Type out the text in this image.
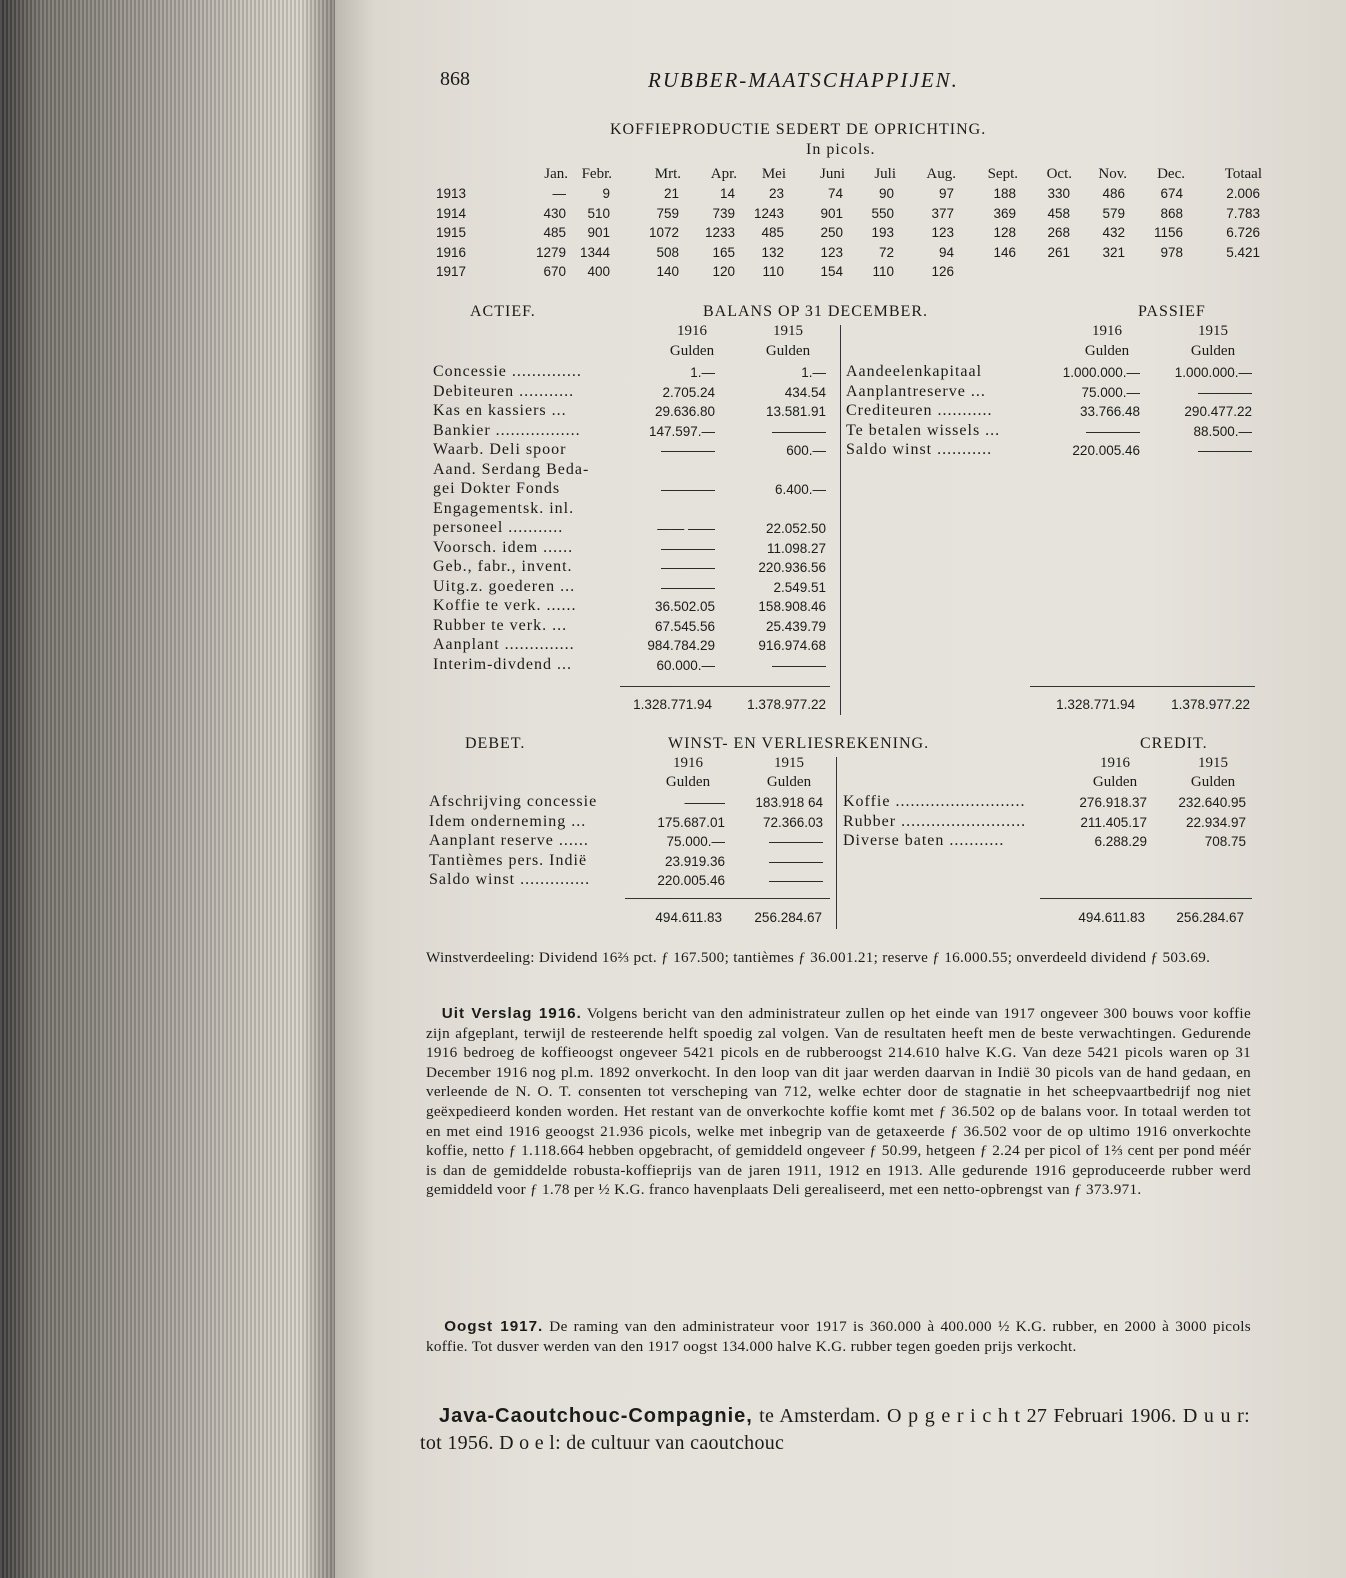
868	RUBBER-MAATSCHAPPIJEN.
KOFFIEPRODUCTIE SEDERT DE OPRICHTING.
In picols.
Jan. Febr.	Mrt.	Apr.	Mei	Juni	Juli	Aug.	Sept.	Oct.	Nov.	Dec.	Totaal
1913	—	9	21	14	23	74	90	97	188	330	486	674	2.006
1914	430	510	759	739	1243	901	550	377	369	458	579	868	7.783
1915	485	901	1072	1233	485	250	193	123	128	268	432	1156	6.726
1916	1279	1344	508	165	132	123	72	94	146	261	321	978	5.421
1917	670	400	140	120	110	154	110	126
ACTIEF.	BALANS OP 31 DECEMBER.	PASSIEF
1916	1915
Gulden	Gulden
1916	1915
Gulden	Gulden
Concessie ..............	1.—	1.—
Debiteuren ...........	2.705.24	434.54
Kas en kassiers ...	29.636.80	13.581.91
Bankier .................	147.597.—	————
Waarb. Deli spoor	————	600.—
Aand. Serdang Beda-
gei Dokter Fonds	————	6.400.—
Engagementsk. inl.
personeel ...........	—— ——	22.052.50
Voorsch. idem ......	————	11.098.27
Geb., fabr., invent.	————	220.936.56
Uitg.z. goederen ...	————	2.549.51
Koffie te verk. ......	36.502.05	158.908.46
Rubber te verk. ...	67.545.56	25.439.79
Aanplant ..............	984.784.29	916.974.68
Interim-divdend ...	60.000.—	————
Aandeelenkapitaal	1.000.000.—	1.000.000.—
Aanplantreserve ...	75.000.—	————
Crediteuren ...........	33.766.48	290.477.22
Te betalen wissels ...	————	88.500.—
Saldo winst ...........	220.005.46	————
1.328.771.94	1.378.977.22	1.328.771.94	1.378.977.22
DEBET.	WINST- EN VERLIESREKENING.	CREDIT.
1916	1915
Gulden	Gulden
1916	1915
Gulden	Gulden
Afschrijving concessie	———	183.918 64
Idem onderneming ...	175.687.01	72.366.03
Aanplant reserve ......	75.000.—	————
Tantièmes pers. Indië	23.919.36	————
Saldo winst ..............	220.005.46	————
Koffie ..........................	276.918.37	232.640.95
Rubber .........................	211.405.17	22.934.97
Diverse baten ...........	6.288.29	708.75
494.611.83	256.284.67	494.611.83	256.284.67
Winstverdeeling: Dividend 16⅔ pct. ƒ 167.500; tantièmes ƒ 36.001.21; reserve ƒ 16.000.55; onverdeeld dividend ƒ 503.69.
Uit Verslag 1916. Volgens bericht van den administrateur zullen op het einde van 1917 ongeveer 300 bouws voor koffie zijn afgeplant, terwijl de resteerende helft spoedig zal volgen. Van de resultaten heeft men de beste verwachtingen. Gedurende 1916 bedroeg de koffieoogst ongeveer 5421 picols en de rubberoogst 214.610 halve K.G. Van deze 5421 picols waren op 31 December 1916 nog pl.m. 1892 onverkocht. In den loop van dit jaar werden daarvan in Indië 30 picols van de hand gedaan, en verleende de N. O. T. consenten tot verscheping van 712, welke echter door de stagnatie in het scheepvaartbedrijf nog niet geëxpedieerd konden worden. Het restant van de onverkochte koffie komt met ƒ 36.502 op de balans voor. In totaal werden tot en met eind 1916 geoogst 21.936 picols, welke met inbegrip van de getaxeerde ƒ 36.502 voor de op ultimo 1916 onverkochte koffie, netto ƒ 1.118.664 hebben opgebracht, of gemiddeld ongeveer ƒ 50.99, hetgeen ƒ 2.24 per picol of 1⅔ cent per pond méér is dan de gemiddelde robusta-koffieprijs van de jaren 1911, 1912 en 1913. Alle gedurende 1916 geproduceerde rubber werd gemiddeld voor ƒ 1.78 per ½ K.G. franco havenplaats Deli gerealiseerd, met een netto-opbrengst van ƒ 373.971.
Oogst 1917. De raming van den administrateur voor 1917 is 360.000 à 400.000 ½ K.G. rubber, en 2000 à 3000 picols koffie. Tot dusver werden van den 1917 oogst 134.000 halve K.G. rubber tegen goeden prijs verkocht.
Java-Caoutchouc-Compagnie, te Amsterdam. O p g e r i c h t 27 Februari 1906. D u u r: tot 1956. D o e l: de cultuur van caoutchouc
